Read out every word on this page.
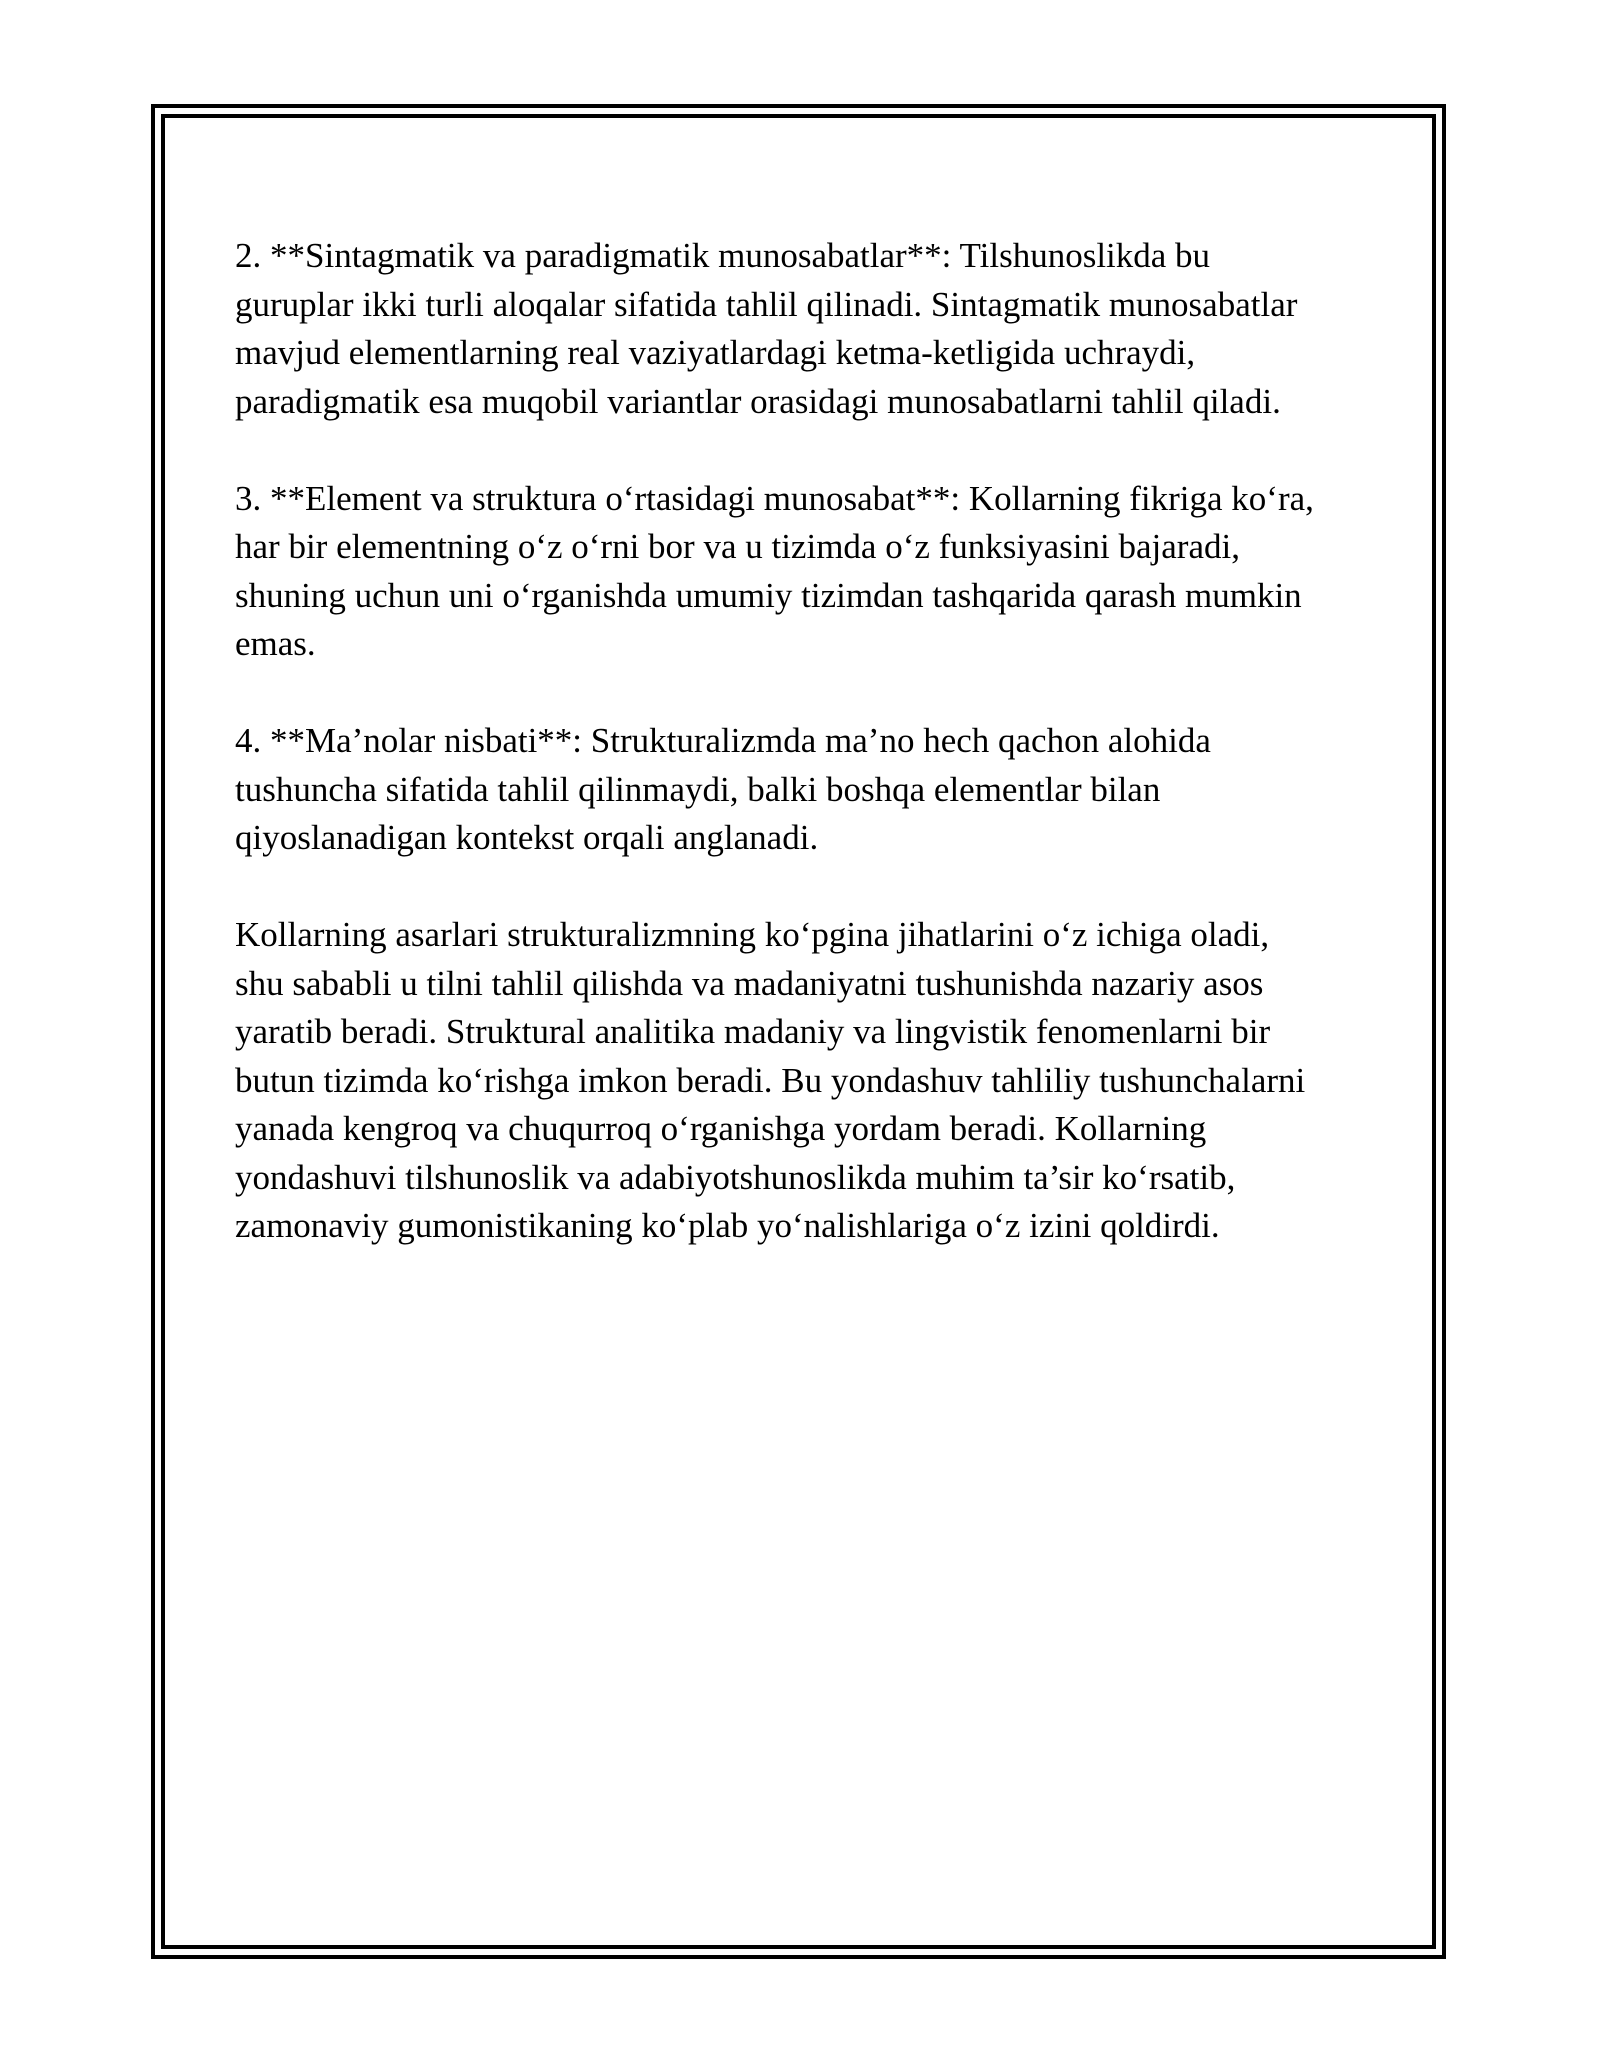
2. **Sintagmatik va paradigmatik munosabatlar**: Tilshunoslikda bu
guruplar ikki turli aloqalar sifatida tahlil qilinadi. Sintagmatik munosabatlar
mavjud elementlarning real vaziyatlardagi ketma-ketligida uchraydi,
paradigmatik esa muqobil variantlar orasidagi munosabatlarni tahlil qiladi.

3. **Element va struktura oʻrtasidagi munosabat**: Kollarning fikriga koʻra,
har bir elementning oʻz oʻrni bor va u tizimda oʻz funksiyasini bajaradi,
shuning uchun uni oʻrganishda umumiy tizimdan tashqarida qarash mumkin
emas.

4. **Ma’nolar nisbati**: Strukturalizmda ma’no hech qachon alohida
tushuncha sifatida tahlil qilinmaydi, balki boshqa elementlar bilan
qiyoslanadigan kontekst orqali anglanadi.

Kollarning asarlari strukturalizmning koʻpgina jihatlarini oʻz ichiga oladi,
shu sababli u tilni tahlil qilishda va madaniyatni tushunishda nazariy asos
yaratib beradi. Struktural analitika madaniy va lingvistik fenomenlarni bir
butun tizimda koʻrishga imkon beradi. Bu yondashuv tahliliy tushunchalarni
yanada kengroq va chuqurroq oʻrganishga yordam beradi. Kollarning
yondashuvi tilshunoslik va adabiyotshunoslikda muhim ta’sir koʻrsatib,
zamonaviy gumonistikaning koʻplab yoʻnalishlariga oʻz izini qoldirdi.
